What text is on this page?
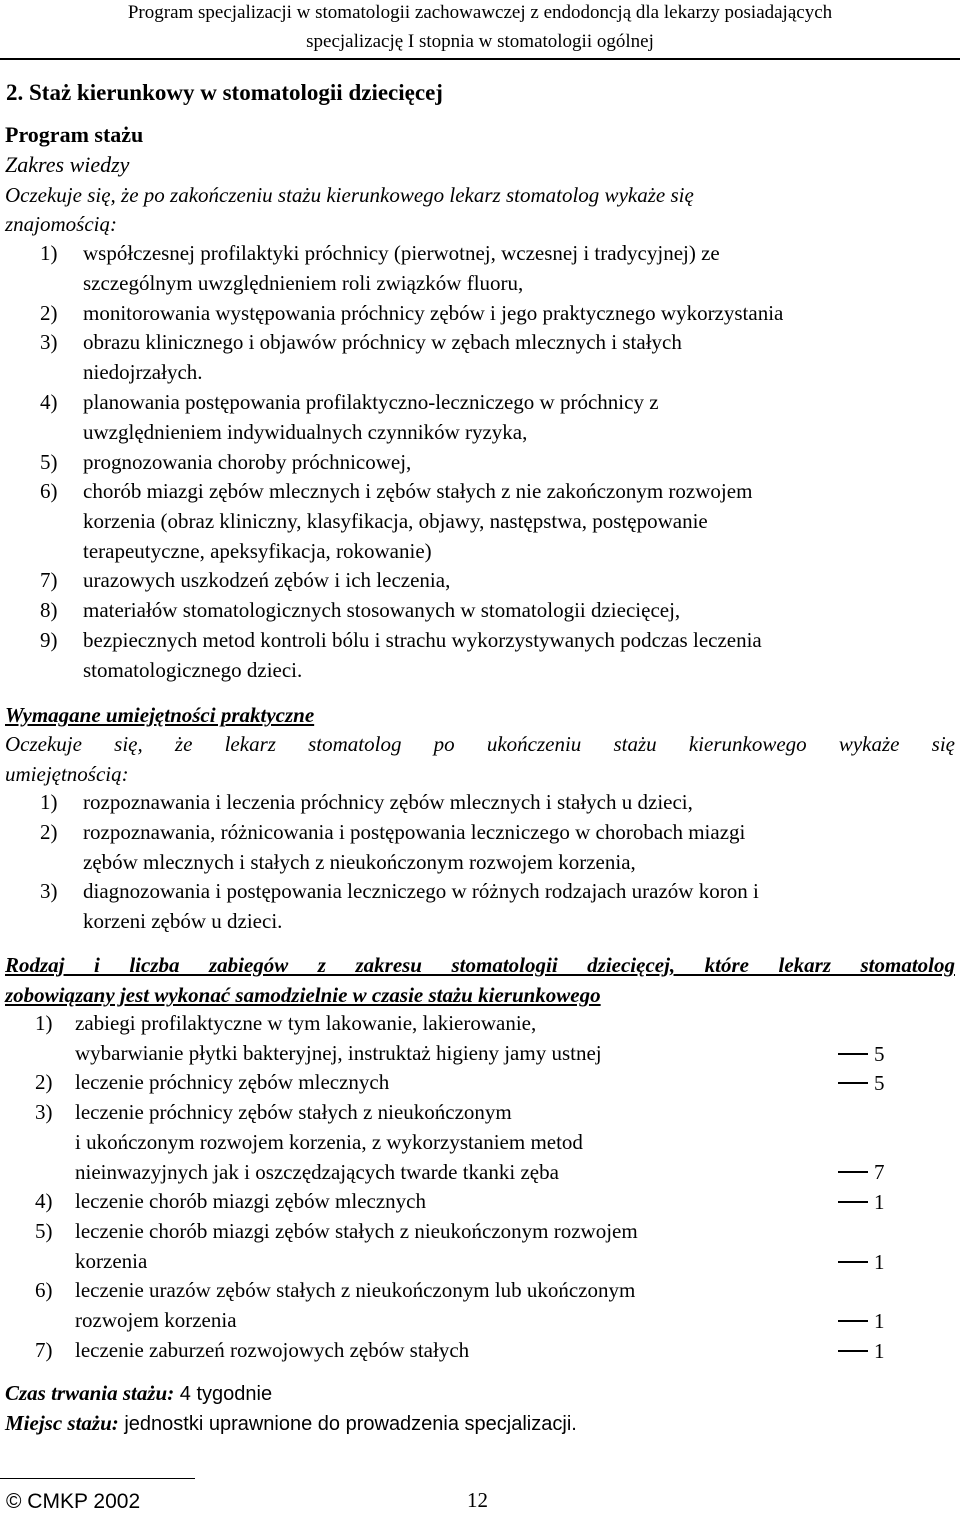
Program specjalizacji w stomatologii zachowawczej z endodoncją dla lekarzy posiadających
specjalizację I stopnia w stomatologii ogólnej
2. Staż kierunkowy w stomatologii dziecięcej
Program stażu
Zakres wiedzy
Oczekuje się, że po zakończeniu stażu kierunkowego lekarz stomatolog wykaże się
znajomością:
1) współczesnej profilaktyki próchnicy (pierwotnej, wczesnej i tradycyjnej) ze
szczególnym uwzględnieniem roli związków fluoru,
2) monitorowania występowania próchnicy zębów i jego praktycznego wykorzystania
3) obrazu klinicznego i objawów próchnicy w zębach mlecznych i stałych
niedojrzałych.
4) planowania postępowania profilaktyczno-leczniczego w próchnicy z
uwzględnieniem indywidualnych czynników ryzyka,
5) prognozowania choroby próchnicowej,
6) chorób miazgi zębów mlecznych i zębów stałych z nie zakończonym rozwojem
korzenia (obraz kliniczny, klasyfikacja, objawy, następstwa, postępowanie
terapeutyczne, apeksyfikacja, rokowanie)
7) urazowych uszkodzeń zębów i ich leczenia,
8) materiałów stomatologicznych stosowanych w stomatologii dziecięcej,
9) bezpiecznych metod kontroli bólu i strachu wykorzystywanych podczas leczenia
stomatologicznego dzieci.
Wymagane umiejętności praktyczne
Oczekuje się, że lekarz stomatolog po ukończeniu stażu kierunkowego wykaże się
umiejętnością:
1) rozpoznawania i leczenia próchnicy zębów mlecznych i stałych u dzieci,
2) rozpoznawania, różnicowania i postępowania leczniczego w chorobach miazgi
zębów mlecznych i stałych z nieukończonym rozwojem korzenia,
3) diagnozowania i postępowania leczniczego w różnych rodzajach urazów koron i
korzeni zębów u dzieci.
Rodzaj i liczba zabiegów z zakresu stomatologii dziecięcej, które lekarz stomatolog
zobowiązany jest wykonać samodzielnie w czasie stażu kierunkowego
1) zabiegi profilaktyczne w tym lakowanie, lakierowanie,
wybarwianie płytki bakteryjnej, instruktaż higieny jamy ustnej	5
2) leczenie próchnicy zębów mlecznych	5
3) leczenie próchnicy zębów stałych z nieukończonym
i ukończonym rozwojem korzenia, z wykorzystaniem metod
nieinwazyjnych jak i oszczędzających twarde tkanki zęba	7
4) leczenie chorób miazgi zębów mlecznych	1
5) leczenie chorób miazgi zębów stałych z nieukończonym rozwojem
korzenia	1
6) leczenie urazów zębów stałych z nieukończonym lub ukończonym
rozwojem korzenia	1
7) leczenie zaburzeń rozwojowych zębów stałych	1
Czas trwania stażu: 4 tygodnie
Miejsc stażu: jednostki uprawnione do prowadzenia specjalizacji.
© CMKP 2002	12
